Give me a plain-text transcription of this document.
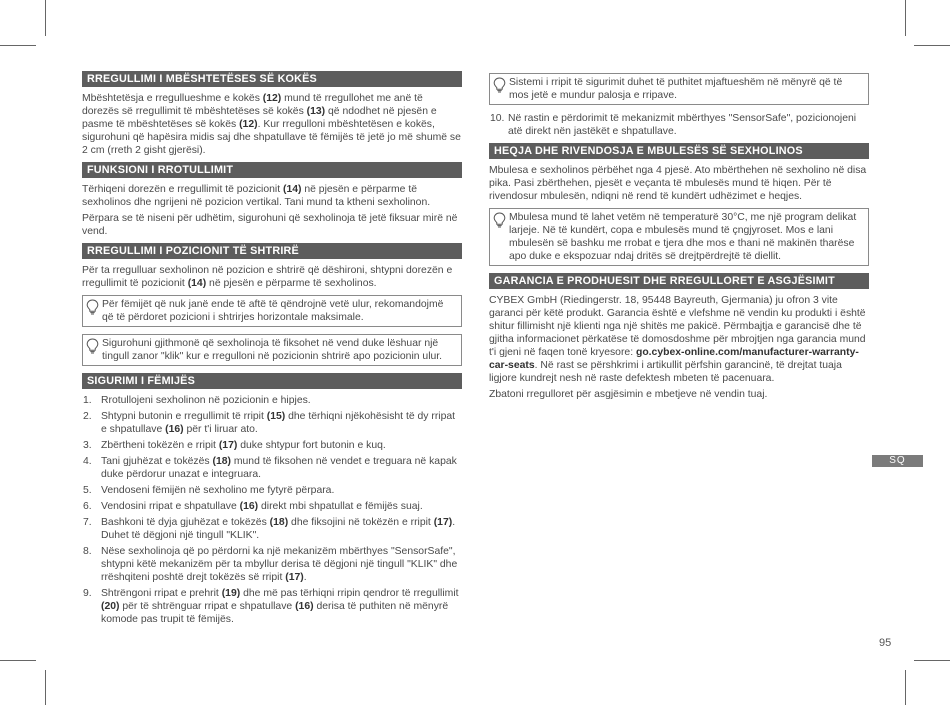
RREGULLIMI I MBËSHTETËSES SË KOKËS

Mbështetësja e rregullueshme e kokës (12) mund të rregullohet me anë të dorezës së rregullimit të mbështetëses së kokës (13) që ndodhet në pjesën e pasme të mbështetëses së kokës (12). Kur rregulloni mbështetësen e kokës, sigurohuni që hapësira midis saj dhe shpatullave të fëmijës të jetë jo më shumë se 2 cm (rreth 2 gisht gjerësi).

FUNKSIONI I RROTULLIMIT

Tërhiqeni dorezën e rregullimit të pozicionit (14) në pjesën e përparme të sexholinos dhe ngrijeni në pozicion vertikal. Tani mund ta ktheni sexholinon.

Përpara se të niseni për udhëtim, sigurohuni që sexholinoja të jetë fiksuar mirë në vend.

RREGULLIMI I POZICIONIT TË SHTRIRË

Për ta rregulluar sexholinon në pozicion e shtrirë që dëshironi, shtypni dorezën e rregullimit të pozicionit (14) në pjesën e përparme të sexholinos.

Për fëmijët që nuk janë ende të aftë të qëndrojnë vetë ulur, rekomandojmë që të përdoret pozicioni i shtrirjes horizontale maksimale.
Sigurohuni gjithmonë që sexholinoja të fiksohet në vend duke lëshuar një tingull zanor "klik" kur e rregulloni në pozicionin shtrirë apo pozicionin ulur.
SIGURIMI I FËMIJËS
1. Rrotullojeni sexholinon në pozicionin e hipjes.
2. Shtypni butonin e rregullimit të rripit (15) dhe tërhiqni njëkohësisht të dy rripat e shpatullave (16) për t'i liruar ato.
3. Zbërtheni tokëzën e rripit (17) duke shtypur fort butonin e kuq.
4. Tani gjuhëzat e tokëzës (18) mund të fiksohen në vendet e treguara në kapak duke përdorur unazat e integruara.
5. Vendoseni fëmijën në sexholino me fytyrë përpara.
6. Vendosini rripat e shpatullave (16) direkt mbi shpatullat e fëmijës suaj.
7. Bashkoni të dyja gjuhëzat e tokëzës (18) dhe fiksojini në tokëzën e rripit (17). Duhet të dëgjoni një tingull "KLIK".
8. Nëse sexholinoja që po përdorni ka një mekanizëm mbërthyes "SensorSafe", shtypni këtë mekanizëm për ta mbyllur derisa të dëgjoni një tingull "KLIK" dhe rrëshqiteni poshtë drejt tokëzës së rripit (17).
9. Shtrëngoni rripat e prehrit (19) dhe më pas tërhiqni rripin qendror të rregullimit (20) për të shtrënguar rripat e shpatullave (16) derisa të puthiten në mënyrë komode pas trupit të fëmijës.
Sistemi i rripit të sigurimit duhet të puthitet mjaftueshëm në mënyrë që të mos jetë e mundur palosja e rripave.
10. Në rastin e përdorimit të mekanizmit mbërthyes "SensorSafe", pozicionojeni atë direkt nën jastëkët e shpatullave.
HEQJA DHE RIVENDOSJA E MBULESËS SË SEXHOLINOS

Mbulesa e sexholinos përbëhet nga 4 pjesë. Ato mbërthehen në sexholino në disa pika. Pasi zbërthehen, pjesët e veçanta të mbulesës mund të hiqen. Për të rivendosur mbulesën, ndiqni në rend të kundërt udhëzimet e heqjes.

Mbulesa mund të lahet vetëm në temperaturë 30°C, me një program delikat larjeje. Në të kundërt, copa e mbulesës mund të çngjyroset. Mos e lani mbulesën së bashku me rrobat e tjera dhe mos e thani në makinën tharëse apo duke e ekspozuar ndaj dritës së drejtpërdrejtë të diellit.
GARANCIA E PRODHUESIT DHE RREGULLORET E ASGJËSIMIT

CYBEX GmbH (Riedingerstr. 18, 95448 Bayreuth, Gjermania) ju ofron 3 vite garanci për këtë produkt. Garancia është e vlefshme në vendin ku produkti i është shitur fillimisht një klienti nga një shitës me pakicë. Përmbajtja e garancisë dhe të gjitha informacionet përkatëse të domosdoshme për mbrojtjen nga garancia mund t'i gjeni në faqen tonë kryesore: go.cybex-online.com/manufacturer-warranty-car-seats. Në rast se përshkrimi i artikullit përfshin garancinë, të drejtat tuaja ligjore kundrejt nesh në raste defektesh mbeten të pacenuara.

Zbatoni rregulloret për asgjësimin e mbetjeve në vendin tuaj.

SQ
95
